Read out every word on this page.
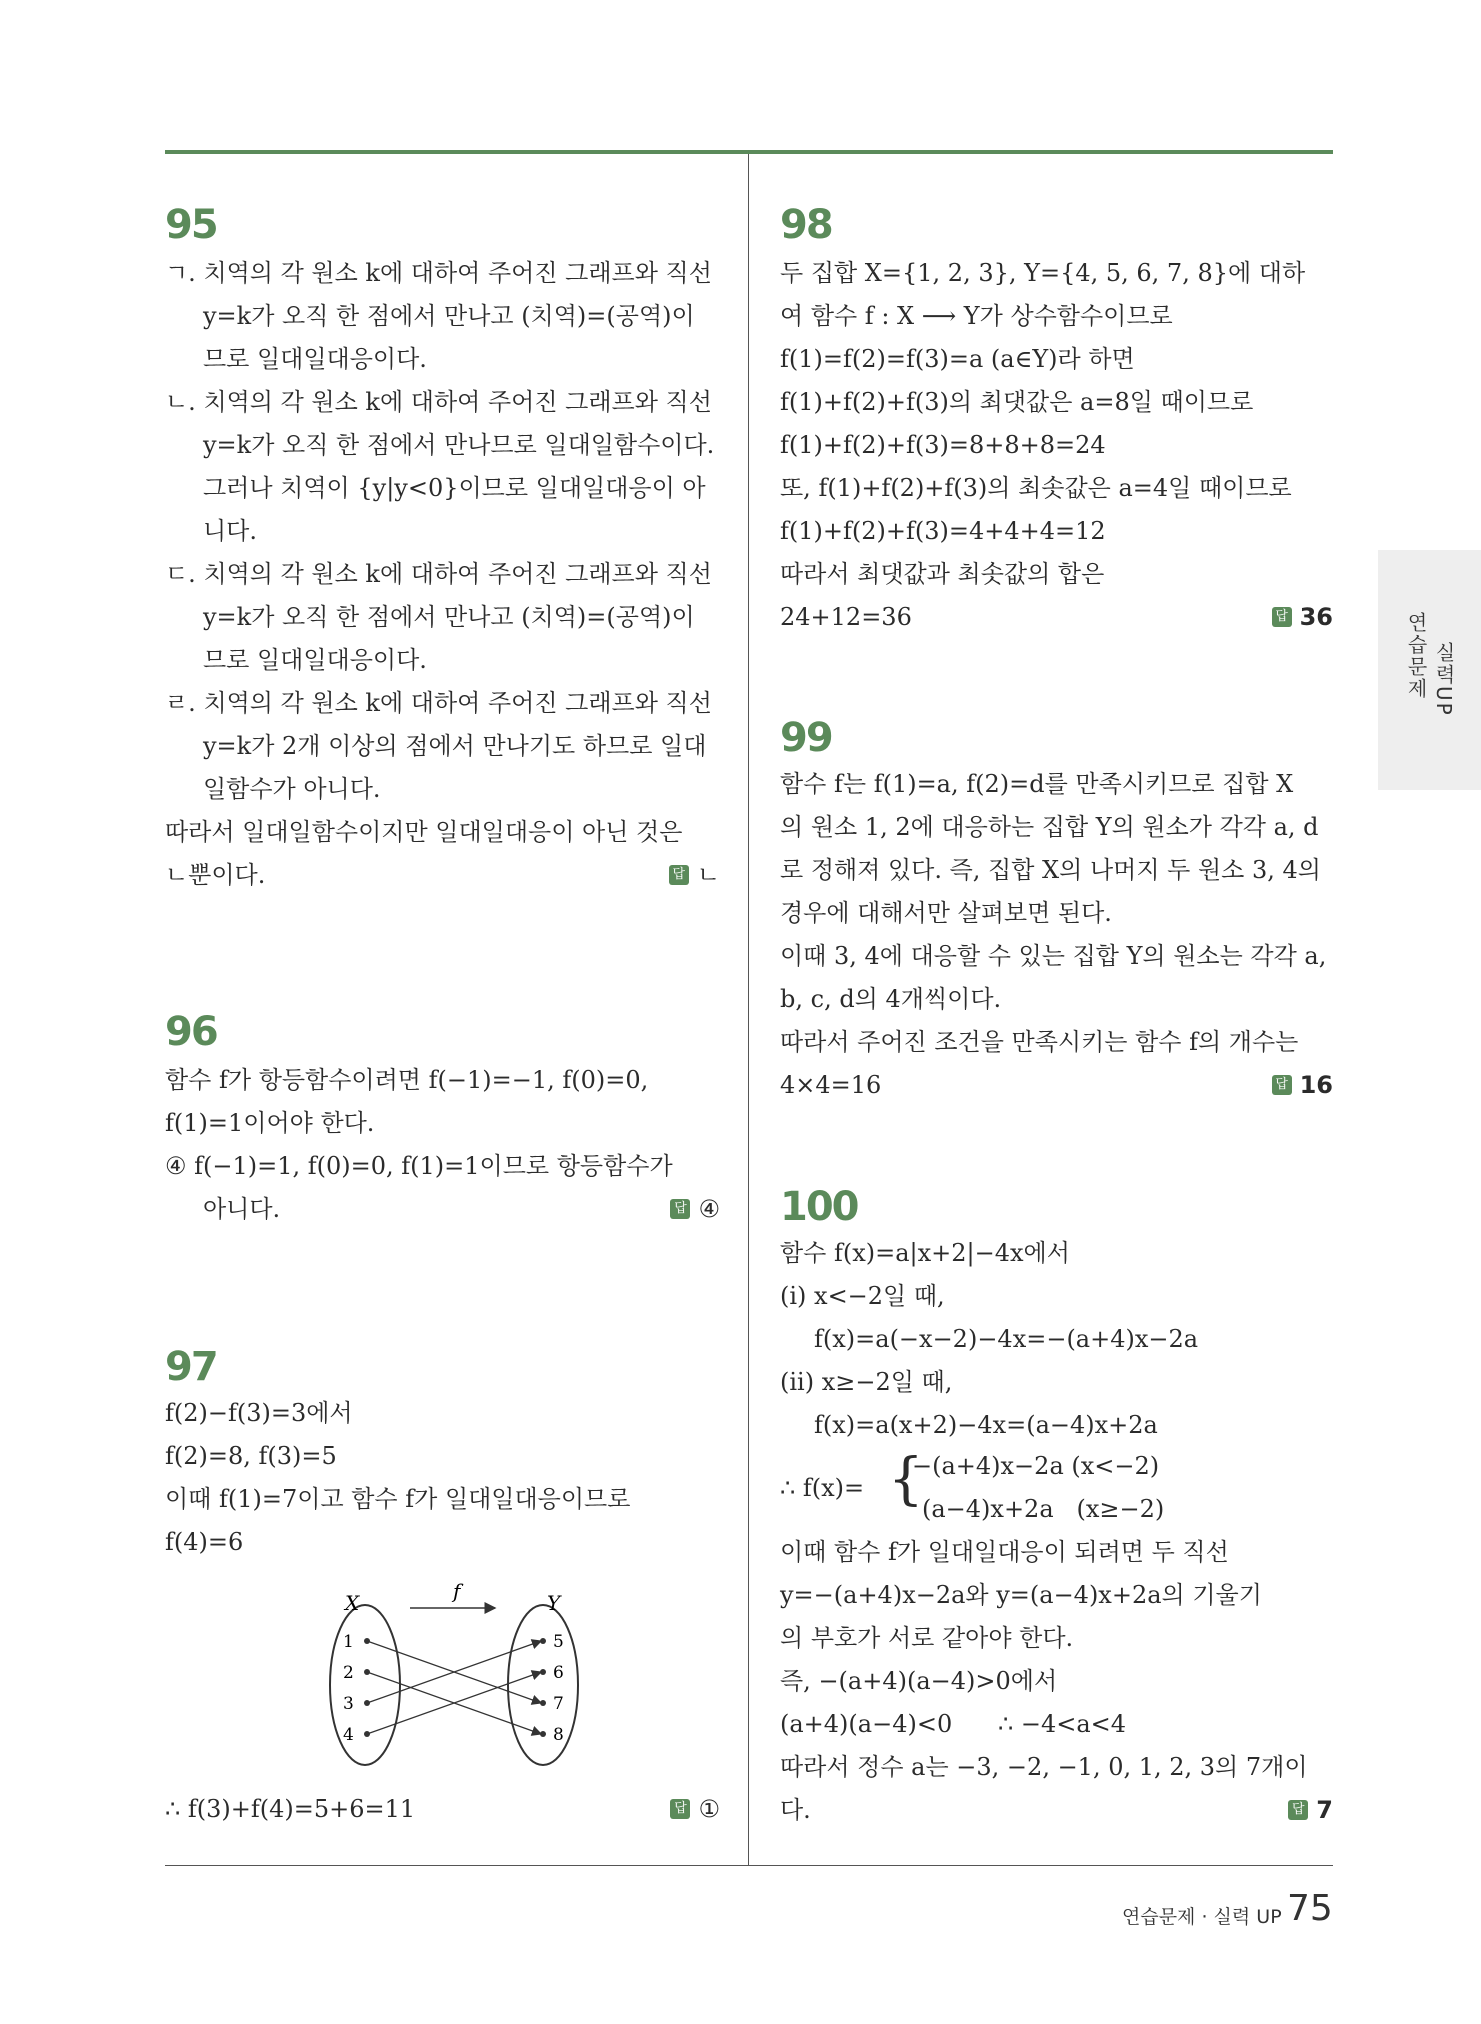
95
ㄱ. 치역의 각 원소 k에 대하여 주어진 그래프와 직선
y=k가 오직 한 점에서 만나고 (치역)=(공역)이
므로 일대일대응이다.
ㄴ. 치역의 각 원소 k에 대하여 주어진 그래프와 직선
y=k가 오직 한 점에서 만나므로 일대일함수이다.
그러나 치역이 {y|y<0}이므로 일대일대응이 아
니다.
ㄷ. 치역의 각 원소 k에 대하여 주어진 그래프와 직선
y=k가 오직 한 점에서 만나고 (치역)=(공역)이
므로 일대일대응이다.
ㄹ. 치역의 각 원소 k에 대하여 주어진 그래프와 직선
y=k가 2개 이상의 점에서 만나기도 하므로 일대
일함수가 아니다.
따라서 일대일함수이지만 일대일대응이 아닌 것은
ㄴ뿐이다.	답 ㄴ
96
함수 f가 항등함수이려면 f(−1)=−1, f(0)=0,
f(1)=1이어야 한다.
④ f(−1)=1, f(0)=0, f(1)=1이므로 항등함수가
아니다.	답 ④
97
f(2)−f(3)=3에서
f(2)=8, f(3)=5
이때 f(1)=7이고 함수 f가 일대일대응이므로
f(4)=6
X	Y
f
1
2
3
4
5
6
7
8
∴ f(3)+f(4)=5+6=11	답 ①
98
두 집합 X={1, 2, 3}, Y={4, 5, 6, 7, 8}에 대하
여 함수 f : X ⟶ Y가 상수함수이므로
f(1)=f(2)=f(3)=a (a∈Y)라 하면
f(1)+f(2)+f(3)의 최댓값은 a=8일 때이므로
f(1)+f(2)+f(3)=8+8+8=24
또, f(1)+f(2)+f(3)의 최솟값은 a=4일 때이므로
f(1)+f(2)+f(3)=4+4+4=12
따라서 최댓값과 최솟값의 합은
24+12=36	답 36
99
함수 f는 f(1)=a, f(2)=d를 만족시키므로 집합 X
의 원소 1, 2에 대응하는 집합 Y의 원소가 각각 a, d
로 정해져 있다. 즉, 집합 X의 나머지 두 원소 3, 4의
경우에 대해서만 살펴보면 된다.
이때 3, 4에 대응할 수 있는 집합 Y의 원소는 각각 a,
b, c, d의 4개씩이다.
따라서 주어진 조건을 만족시키는 함수 f의 개수는
4×4=16	답 16
100
함수 f(x)=a|x+2|−4x에서
(i) x<−2일 때,
f(x)=a(−x−2)−4x=−(a+4)x−2a
(ii) x≥−2일 때,
f(x)=a(x+2)−4x=(a−4)x+2a
∴ f(x)= {
−(a+4)x−2a (x<−2)
(a−4)x+2a   (x≥−2)
이때 함수 f가 일대일대응이 되려면 두 직선
y=−(a+4)x−2a와 y=(a−4)x+2a의 기울기
의 부호가 서로 같아야 한다.
즉, −(a+4)(a−4)>0에서
(a+4)(a−4)<0      ∴ −4<a<4
따라서 정수 a는 −3, −2, −1, 0, 1, 2, 3의 7개이
다.	답 7
실력UP
연습문제
연습문제 · 실력 UP 75
